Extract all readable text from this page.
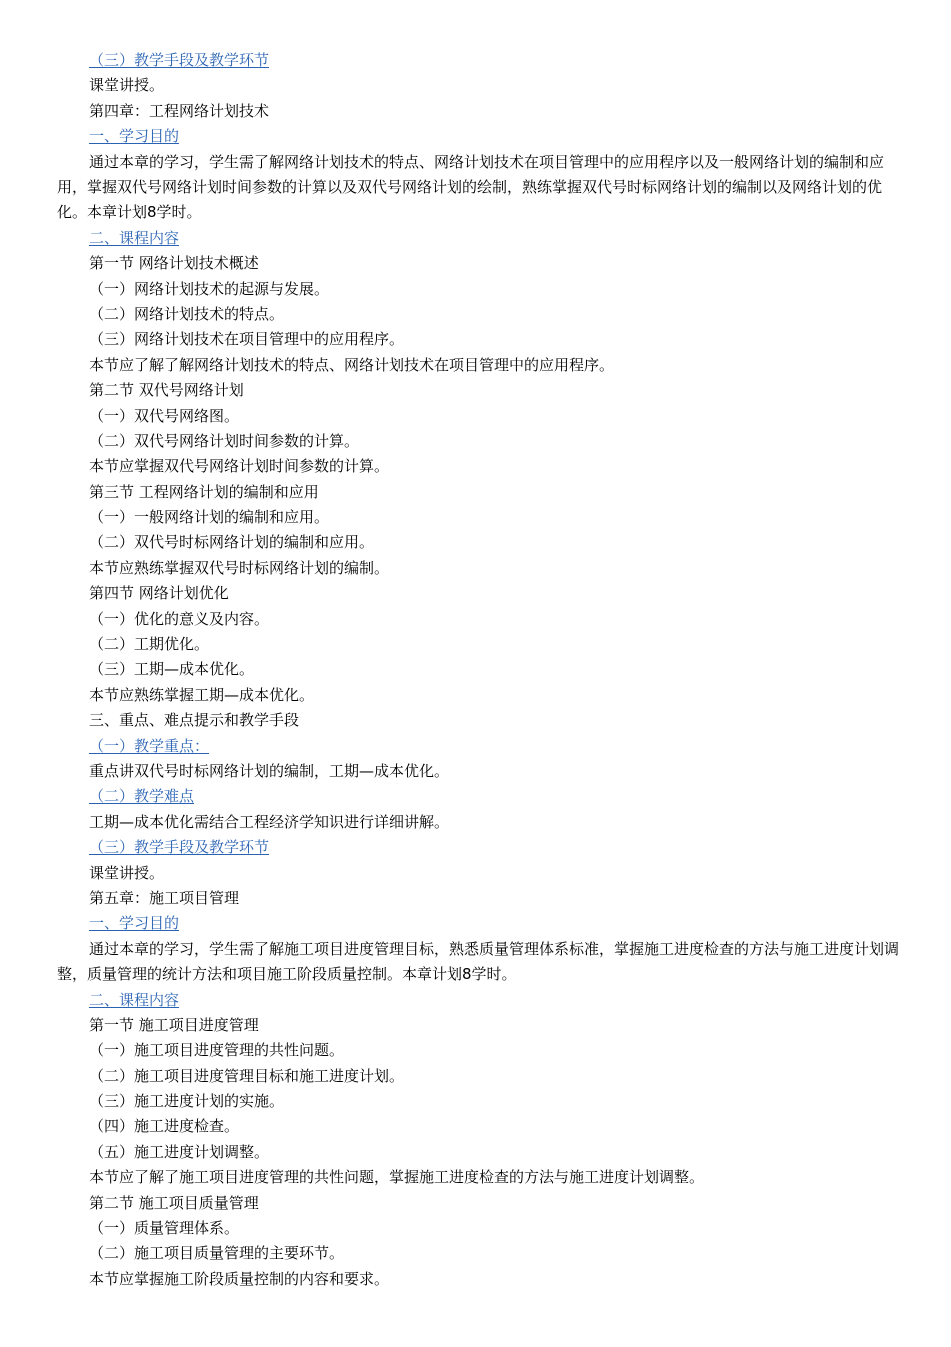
（三）教学手段及教学环节
课堂讲授。
第四章：工程网络计划技术
一、学习目的
通过本章的学习，学生需了解网络计划技术的特点、网络计划技术在项目管理中的应用程序以及一般网络计划的编制和应用，掌握双代号网络计划时间参数的计算以及双代号网络计划的绘制，熟练掌握双代号时标网络计划的编制以及网络计划的优化。本章计划8学时。
二、课程内容
第一节 网络计划技术概述
（一）网络计划技术的起源与发展。
（二）网络计划技术的特点。
（三）网络计划技术在项目管理中的应用程序。
本节应了解了解网络计划技术的特点、网络计划技术在项目管理中的应用程序。
第二节 双代号网络计划
（一）双代号网络图。
（二）双代号网络计划时间参数的计算。
本节应掌握双代号网络计划时间参数的计算。
第三节 工程网络计划的编制和应用
（一）一般网络计划的编制和应用。
（二）双代号时标网络计划的编制和应用。
本节应熟练掌握双代号时标网络计划的编制。
第四节 网络计划优化
（一）优化的意义及内容。
（二）工期优化。
（三）工期—成本优化。
本节应熟练掌握工期—成本优化。
三、重点、难点提示和教学手段
（一）教学重点：
重点讲双代号时标网络计划的编制，工期—成本优化。
（二）教学难点
工期—成本优化需结合工程经济学知识进行详细讲解。
（三）教学手段及教学环节
课堂讲授。
第五章：施工项目管理
一、学习目的
通过本章的学习，学生需了解施工项目进度管理目标，熟悉质量管理体系标准，掌握施工进度检查的方法与施工进度计划调整，质量管理的统计方法和项目施工阶段质量控制。本章计划8学时。
二、课程内容
第一节 施工项目进度管理
（一）施工项目进度管理的共性问题。
（二）施工项目进度管理目标和施工进度计划。
（三）施工进度计划的实施。
（四）施工进度检查。
（五）施工进度计划调整。
本节应了解了施工项目进度管理的共性问题，掌握施工进度检查的方法与施工进度计划调整。
第二节 施工项目质量管理
（一）质量管理体系。
（二）施工项目质量管理的主要环节。
本节应掌握施工阶段质量控制的内容和要求。
